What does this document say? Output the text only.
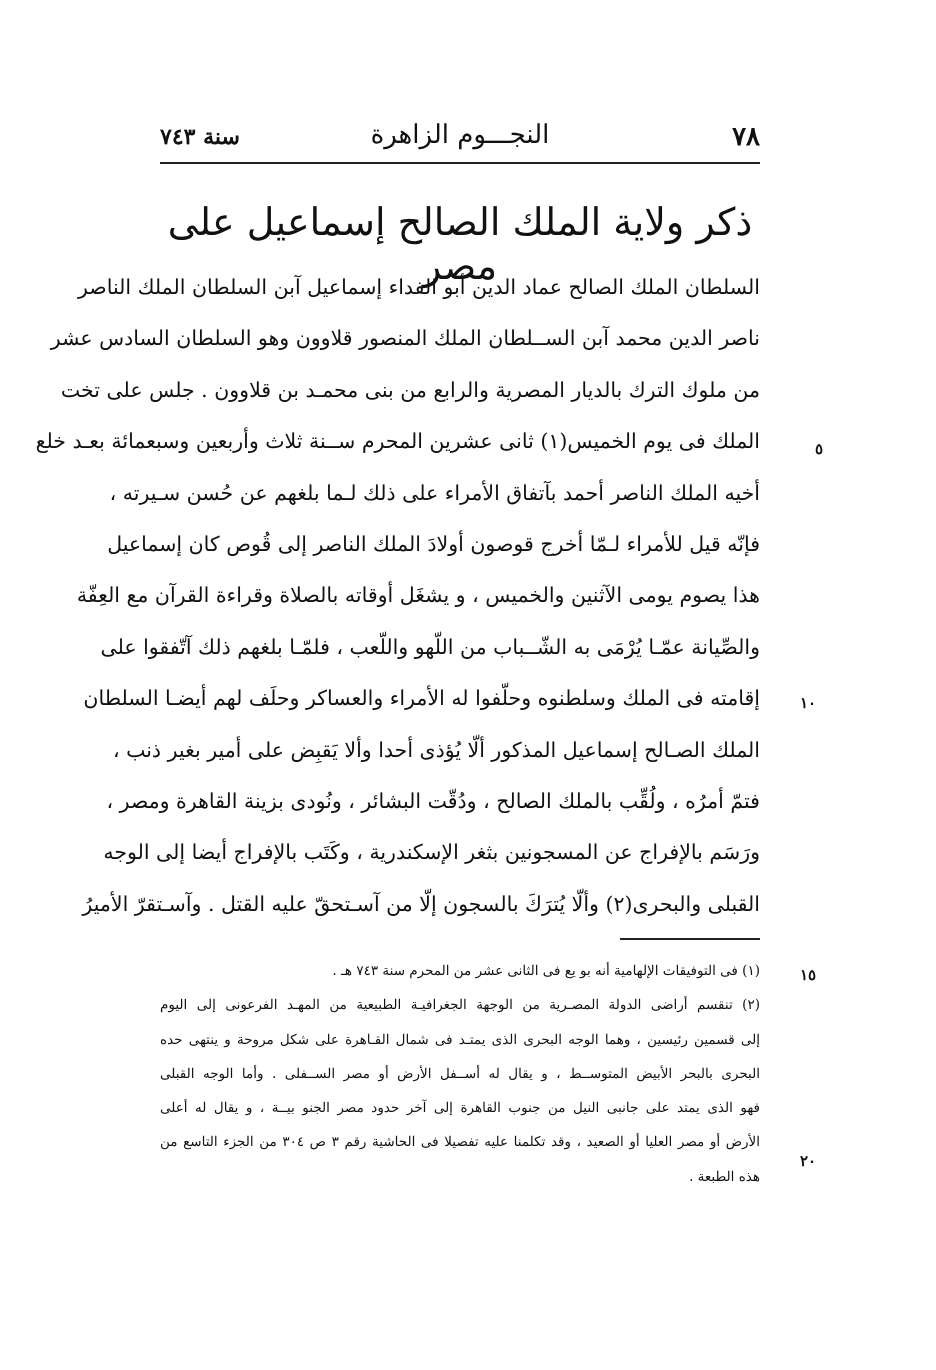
٧٨
النجـــوم الزاهرة
سنة ٧٤٣
ذكر ولاية الملك الصالح إسماعيل على مصر
السلطان الملك الصالح عماد الدين أبو الفداء إسماعيل آبن السلطان الملك الناصر
ناصر الدين محمد آبن الســلطان الملك المنصور قلاوون وهو السلطان السادس عشر
من ملوك الترك بالديار المصرية والرابع من بنى محمـد بن قلاوون . جلس على تخت
الملك فى يوم الخميس(١) ثانى عشرين المحرم ســنة ثلاث وأربعين وسبعمائة بعـد خلع
أخيه الملك الناصر أحمد بآتفاق الأمراء على ذلك لـما بلغهم عن حُسن سـيرته ،
فإنّه قيل للأمراء لـمّا أخرج قوصون أولادَ الملك الناصر إلى قُوص كان إسماعيل
هذا يصوم يومى الآثنين والخميس ، و يشغَل أوقاته بالصلاة وقراءة القرآن مع العِفّة
والصِّيانة عمّـا يُرْمَى به الشّــباب من اللّهو واللّعب ، فلمّـا بلغهم ذلك آتّفقوا على
إقامته فى الملك وسلطنوه وحلّفوا له الأمراء والعساكر وحلَف لهم أيضـا السلطان
الملك الصـالح إسماعيل المذكور ألّا يُؤذى أحدا وألا يَقبِض على أمير بغير ذنب ،
فتمّ أمرُه ، ولُقِّب بالملك الصالح ، ودُقّت البشائر ، ونُودى بزينة القاهرة ومصر ،
ورَسَم بالإفراج عن المسجونين بثغر الإسكندرية ، وكَتَب بالإفراج أيضا إلى الوجه
القبلى والبحرى(٢) وألّا يُترَكَ بالسجون إلّا من آسـتحقّ عليه القتل . وآسـتقرّ الأميرُ
(١) فى التوفيقات الإلهامية أنه بو يع فى الثانى عشر من المحرم سنة ٧٤٣ هـ .
(٢) تنقسم أراضى الدولة المصـرية من الوجهة الجغرافيـة الطبيعية من المهـد الفرعونى إلى اليوم
إلى قسمين رئيسين ، وهما الوجه البحرى الذى يمتـد فى شمال القـاهرة على شكل مروحة و ينتهى حده
البحرى بالبحر الأبيض المتوســط ، و يقال له أســفل الأرض أو مصر الســفلى . وأما الوجه القبلى
فهو الذى يمتد على جانبى النيل من جنوب القاهرة إلى آخر حدود مصر الجنو بيــة ، و يقال له أعلى
الأرض أو مصر العليا أو الصعيد ، وقد تكلمنا عليه تفصيلا فى الحاشية رقم ٣ ص ٣٠٤ من الجزء التاسع من
هذه الطبعة .
٥
١٠
١٥
٢٠
